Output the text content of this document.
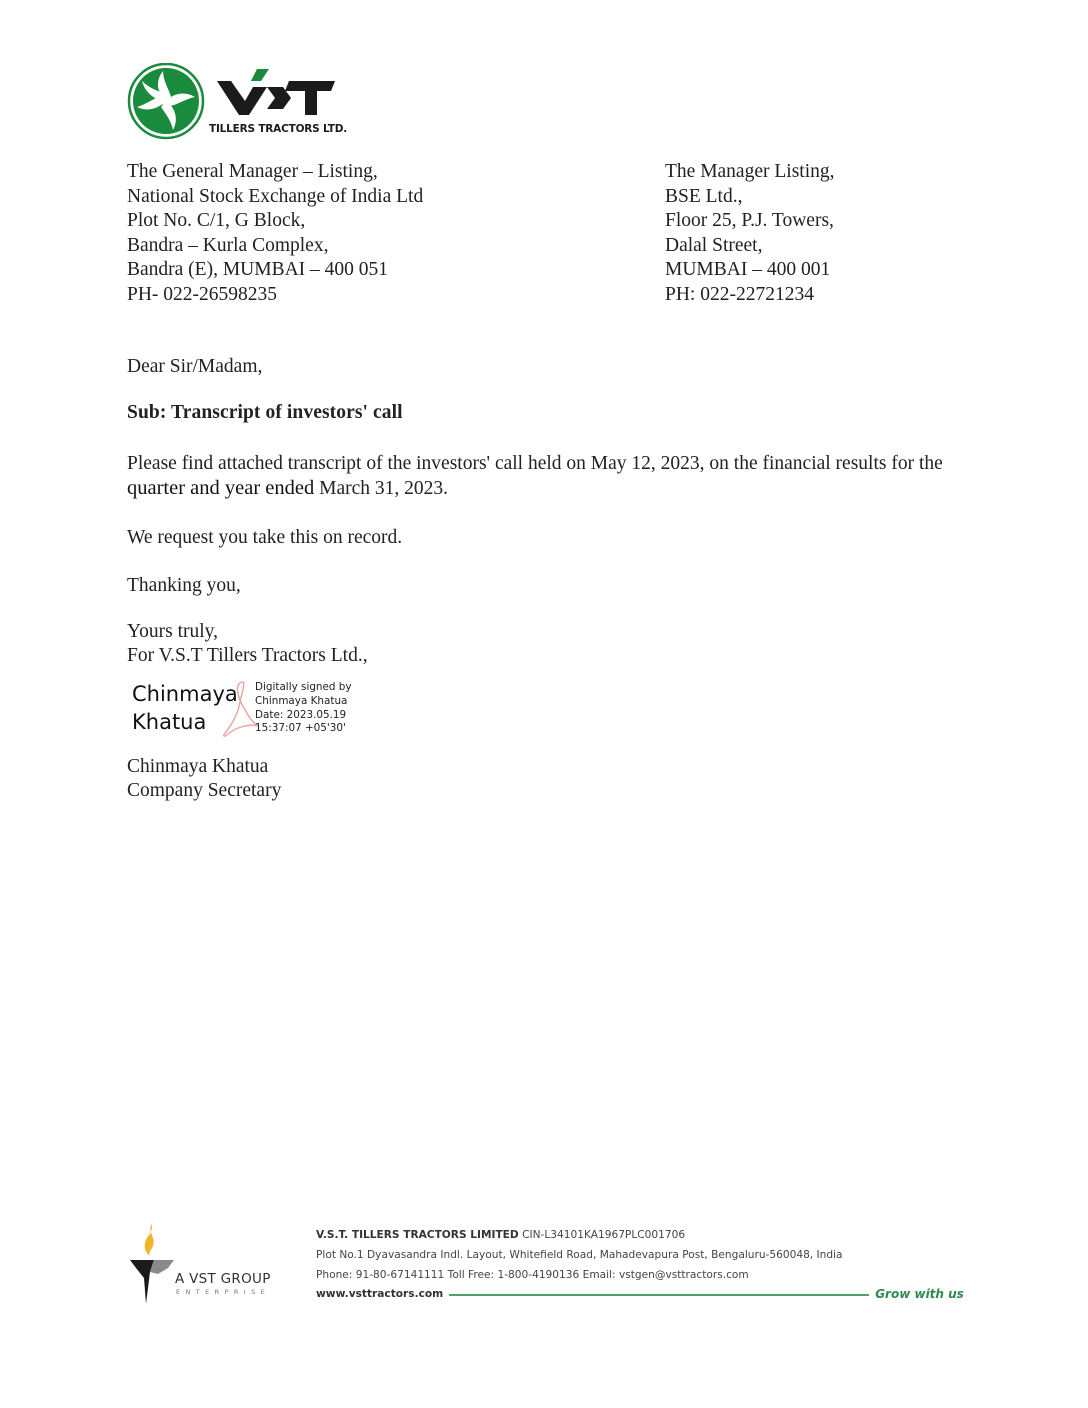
TILLERS TRACTORS LTD.
The General Manager – Listing,
National Stock Exchange of India Ltd
Plot No. C/1, G Block,
Bandra – Kurla Complex,
Bandra (E), MUMBAI – 400 051
PH- 022-26598235
The Manager Listing,
BSE Ltd.,
Floor 25, P.J. Towers,
Dalal Street,
MUMBAI – 400 001
PH: 022-22721234
Dear Sir/Madam,
Sub: Transcript of investors' call
Please find attached transcript of the investors' call held on May 12, 2023, on the financial results for the quarter and year ended March 31, 2023.
We request you take this on record.
Thanking you,
Yours truly,
For V.S.T Tillers Tractors Ltd.,
Chinmaya
Khatua
Digitally signed by
Chinmaya Khatua
Date: 2023.05.19
15:37:07 +05'30'
Chinmaya Khatua
Company Secretary
A VST GROUP
ENTERPRISE
V.S.T. TILLERS TRACTORS LIMITED CIN-L34101KA1967PLC001706
Plot No.1 Dyavasandra Indl. Layout, Whitefield Road, Mahadevapura Post, Bengaluru-560048, India
Phone: 91-80-67141111 Toll Free: 1-800-4190136 Email: vstgen@vsttractors.com
www.vsttractors.com	Grow with us
